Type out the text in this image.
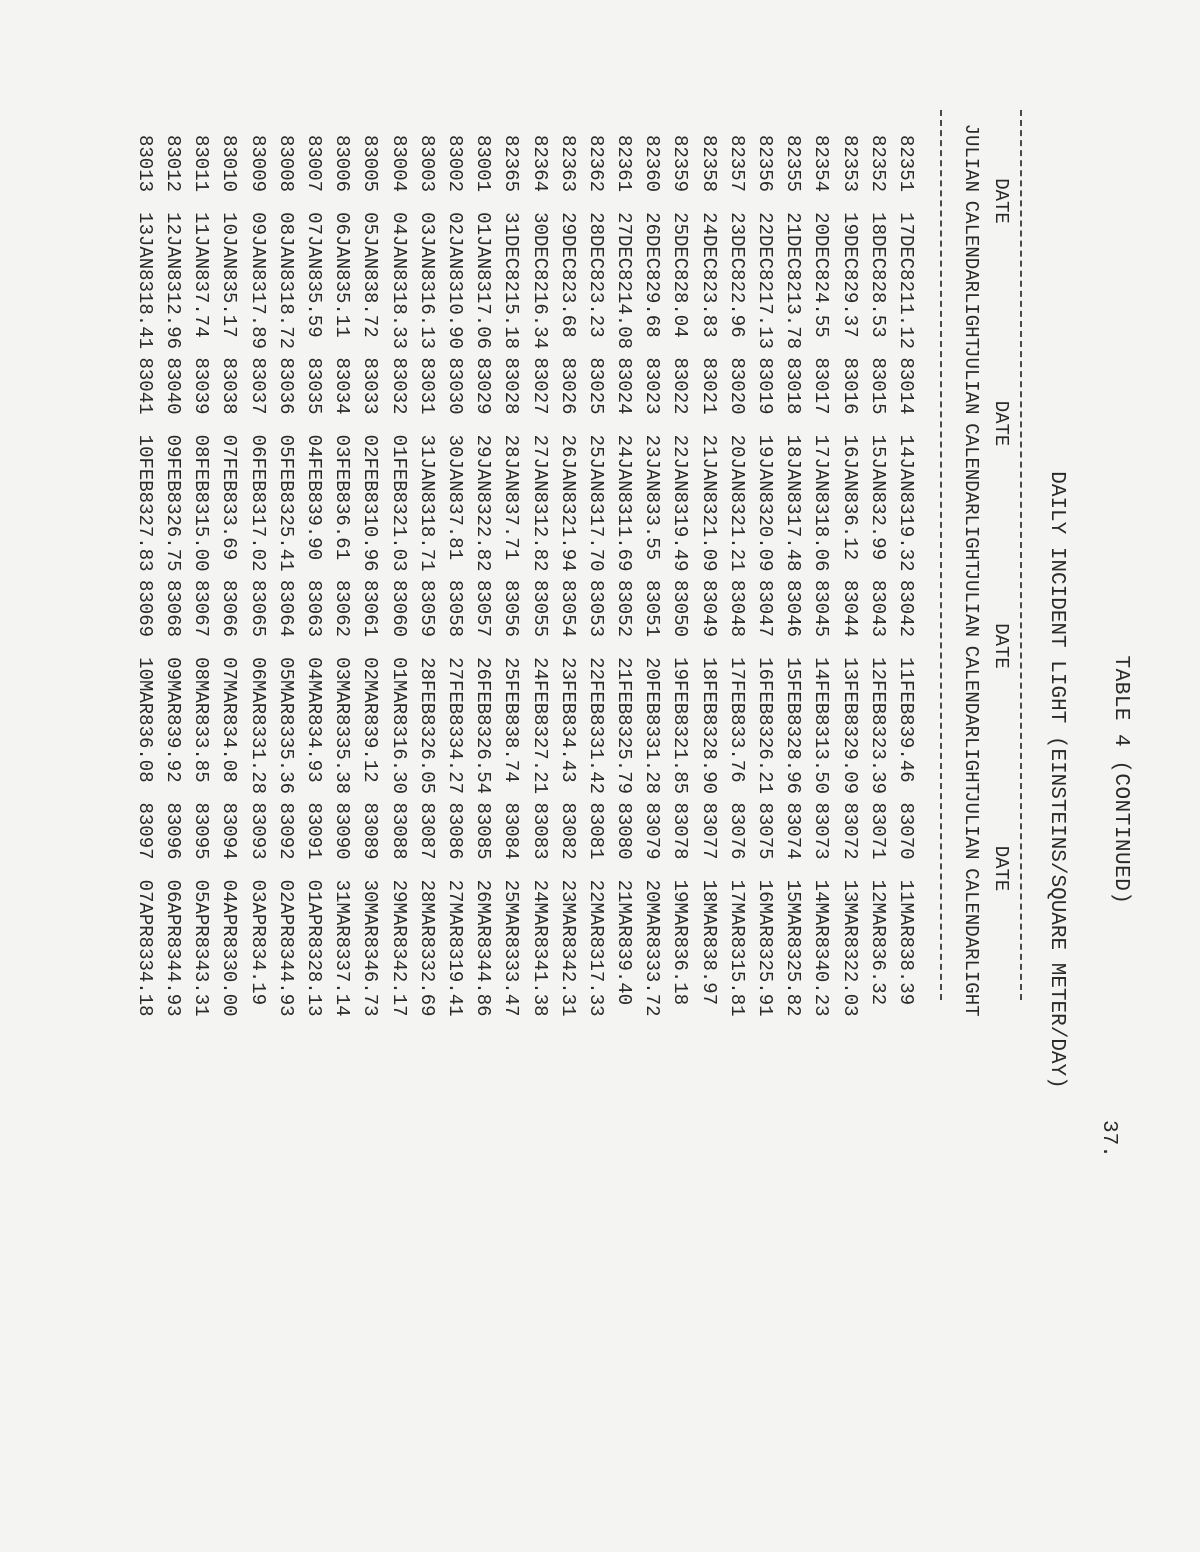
TABLE 4 (CONTINUED)
DAILY INCIDENT LIGHT (EINSTEINS/SQUARE METER/DAY)
DATE
DATE
DATE
DATE
JULIAN
CALENDAR
LIGHT
JULIAN
CALENDAR
LIGHT
JULIAN
CALENDAR
LIGHT
JULIAN
CALENDAR
LIGHT
82351
17DEC82
11.12
83014
14JAN83
19.32
83042
11FEB83
9.46
83070
11MAR83
8.39
82352
18DEC82
8.53
83015
15JAN83
2.99
83043
12FEB83
23.39
83071
12MAR83
6.32
82353
19DEC82
9.37
83016
16JAN83
6.12
83044
13FEB83
29.09
83072
13MAR83
22.03
82354
20DEC82
4.55
83017
17JAN83
18.06
83045
14FEB83
13.50
83073
14MAR83
40.23
82355
21DEC82
13.78
83018
18JAN83
17.48
83046
15FEB83
28.96
83074
15MAR83
25.82
82356
22DEC82
17.13
83019
19JAN83
20.09
83047
16FEB83
26.21
83075
16MAR83
25.91
82357
23DEC82
2.96
83020
20JAN83
21.21
83048
17FEB83
3.76
83076
17MAR83
15.81
82358
24DEC82
3.83
83021
21JAN83
21.09
83049
18FEB83
28.90
83077
18MAR83
8.97
82359
25DEC82
8.04
83022
22JAN83
19.49
83050
19FEB83
21.85
83078
19MAR83
6.18
82360
26DEC82
9.68
83023
23JAN83
3.55
83051
20FEB83
31.28
83079
20MAR83
33.72
82361
27DEC82
14.08
83024
24JAN83
11.69
83052
21FEB83
25.79
83080
21MAR83
9.40
82362
28DEC82
3.23
83025
25JAN83
17.70
83053
22FEB83
31.42
83081
22MAR83
17.33
82363
29DEC82
3.68
83026
26JAN83
21.94
83054
23FEB83
4.43
83082
23MAR83
42.31
82364
30DEC82
16.34
83027
27JAN83
12.82
83055
24FEB83
27.21
83083
24MAR83
41.38
82365
31DEC82
15.18
83028
28JAN83
7.71
83056
25FEB83
8.74
83084
25MAR83
33.47
83001
01JAN83
17.06
83029
29JAN83
22.82
83057
26FEB83
26.54
83085
26MAR83
44.86
83002
02JAN83
10.90
83030
30JAN83
7.81
83058
27FEB83
34.27
83086
27MAR83
19.41
83003
03JAN83
16.13
83031
31JAN83
18.71
83059
28FEB83
26.05
83087
28MAR83
32.69
83004
04JAN83
18.33
83032
01FEB83
21.03
83060
01MAR83
16.30
83088
29MAR83
42.17
83005
05JAN83
8.72
83033
02FEB83
10.96
83061
02MAR83
9.12
83089
30MAR83
46.73
83006
06JAN83
5.11
83034
03FEB83
6.61
83062
03MAR83
35.38
83090
31MAR83
37.14
83007
07JAN83
5.59
83035
04FEB83
9.90
83063
04MAR83
4.93
83091
01APR83
28.13
83008
08JAN83
18.72
83036
05FEB83
25.41
83064
05MAR83
35.36
83092
02APR83
44.93
83009
09JAN83
17.89
83037
06FEB83
17.02
83065
06MAR83
31.28
83093
03APR83
4.19
83010
10JAN83
5.17
83038
07FEB83
3.69
83066
07MAR83
4.08
83094
04APR83
30.00
83011
11JAN83
7.74
83039
08FEB83
15.00
83067
08MAR83
3.85
83095
05APR83
43.31
83012
12JAN83
12.96
83040
09FEB83
26.75
83068
09MAR83
9.92
83096
06APR83
44.93
83013
13JAN83
18.41
83041
10FEB83
27.83
83069
10MAR83
6.08
83097
07APR83
34.18
37.
